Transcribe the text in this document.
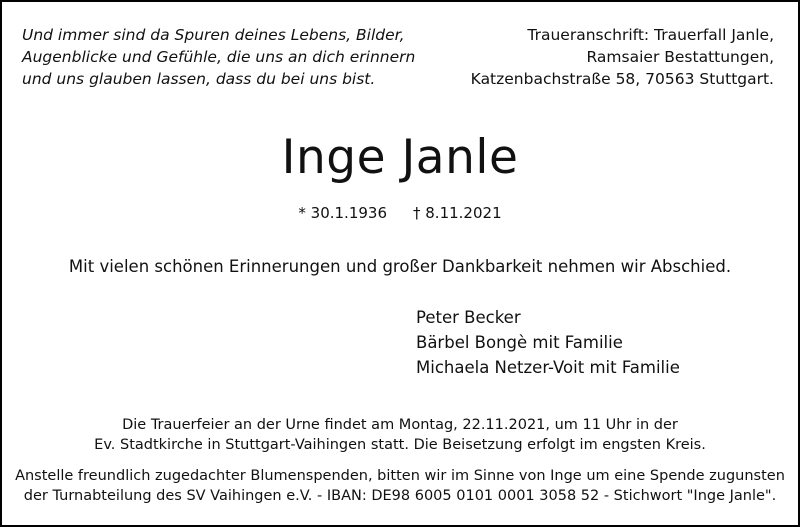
Und immer sind da Spuren deines Lebens, Bilder,
Augenblicke und Gefühle, die uns an dich erinnern
und uns glauben lassen, dass du bei uns bist.
Traueranschrift: Trauerfall Janle,
Ramsaier Bestattungen,
Katzenbachstraße 58, 70563 Stuttgart.
Inge Janle
* 30.1.1936 † 8.11.2021
Mit vielen schönen Erinnerungen und großer Dankbarkeit nehmen wir Abschied.
Peter Becker
Bärbel Bongè mit Familie
Michaela Netzer-Voit mit Familie
Die Trauerfeier an der Urne findet am Montag, 22.11.2021, um 11 Uhr in der
Ev. Stadtkirche in Stuttgart-Vaihingen statt. Die Beisetzung erfolgt im engsten Kreis.
Anstelle freundlich zugedachter Blumenspenden, bitten wir im Sinne von Inge um eine Spende zugunsten
der Turnabteilung des SV Vaihingen e.V. - IBAN: DE98 6005 0101 0001 3058 52 - Stichwort "Inge Janle".
